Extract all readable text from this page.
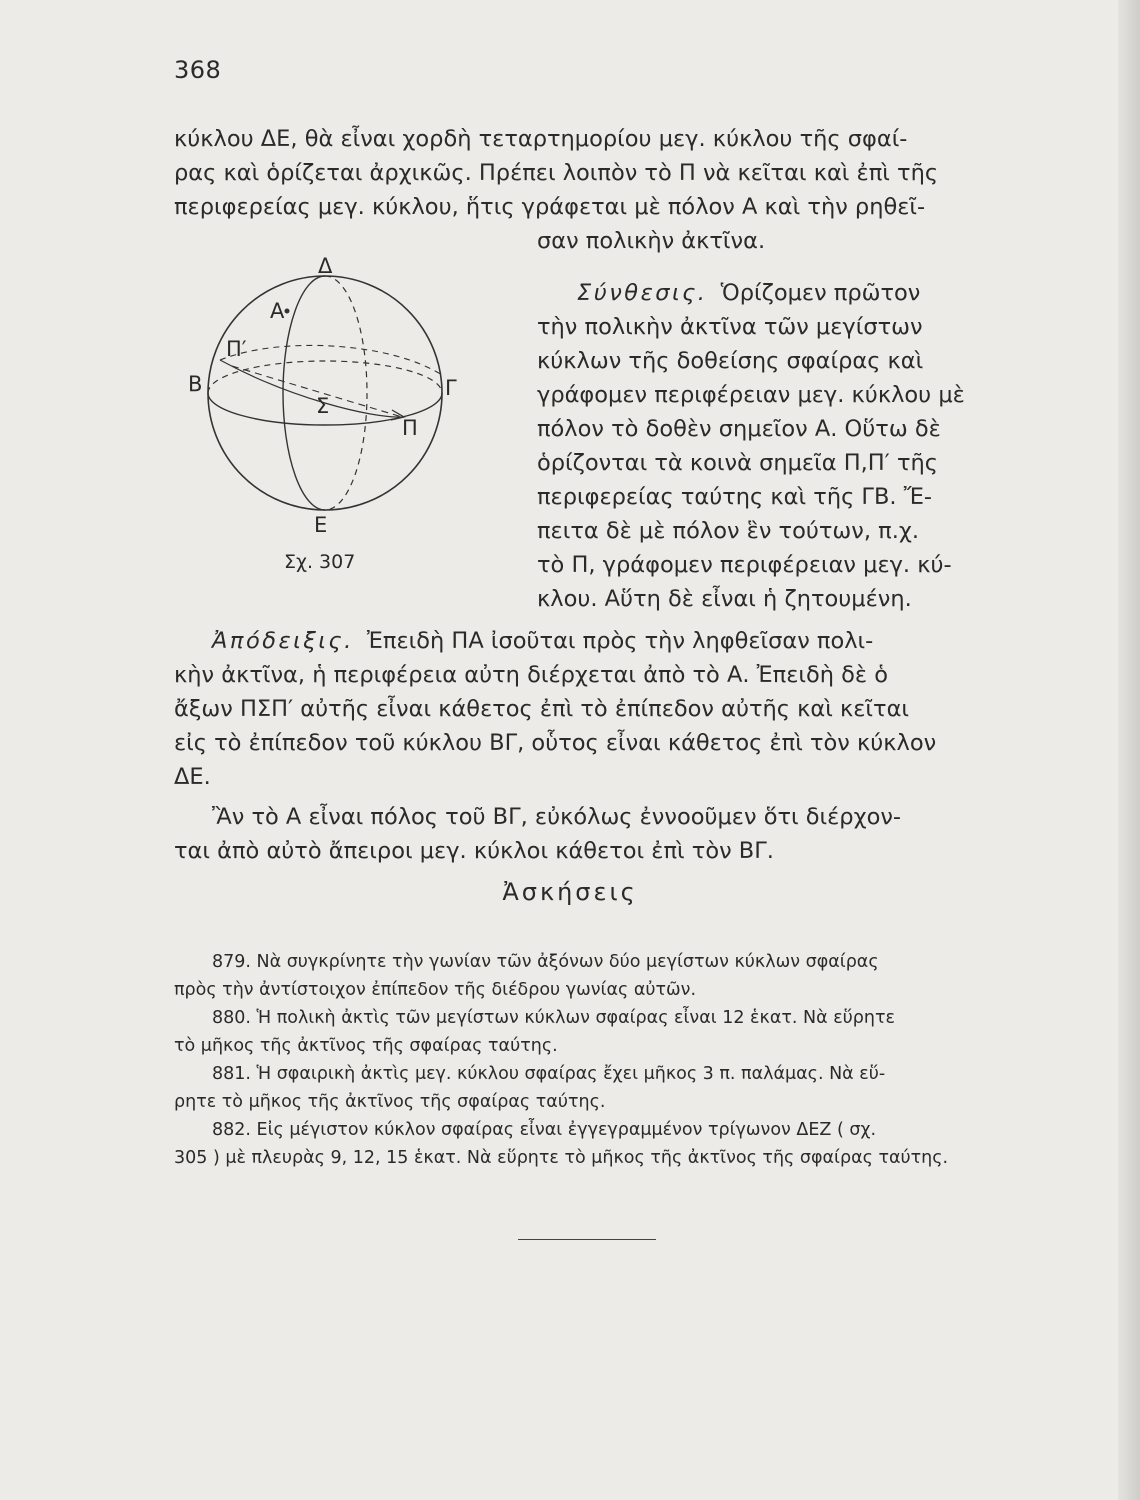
368
κύκλου ΔΕ, θὰ εἶναι χορδὴ τεταρτημορίου μεγ. κύκλου τῆς σφαί-
ρας καὶ ὁρίζεται ἀρχικῶς. Πρέπει λοιπὸν τὸ Π νὰ κεῖται καὶ ἐπὶ τῆς
περιφερείας μεγ. κύκλου, ἥτις γράφεται μὲ πόλον Α καὶ τὴν ρηθεῖ-
σαν πολικὴν ἀκτῖνα.
Δ
Α
Π′
Β	Γ
Σ
Π
Ε
Σχ. 307
Σύνθεσις. Ὁρίζομεν πρῶτον
τὴν πολικὴν ἀκτῖνα τῶν μεγίστων
κύκλων τῆς δοθείσης σφαίρας καὶ
γράφομεν περιφέρειαν μεγ. κύκλου μὲ
πόλον τὸ δοθὲν σημεῖον Α. Οὕτω δὲ
ὁρίζονται τὰ κοινὰ σημεῖα Π,Π′ τῆς
περιφερείας ταύτης καὶ τῆς ΓΒ. Ἔ-
πειτα δὲ μὲ πόλον ἓν τούτων, π.χ.
τὸ Π, γράφομεν περιφέρειαν μεγ. κύ-
κλου. Αὕτη δὲ εἶναι ἡ ζητουμένη.
Ἀπόδειξις. Ἐπειδὴ ΠΑ ἰσοῦται πρὸς τὴν ληφθεῖσαν πολι-
κὴν ἀκτῖνα, ἡ περιφέρεια αὐτη διέρχεται ἀπὸ τὸ Α. Ἐπειδὴ δὲ ὁ
ἄξων ΠΣΠ′ αὐτῆς εἶναι κάθετος ἐπὶ τὸ ἐπίπεδον αὐτῆς καὶ κεῖται
εἰς τὸ ἐπίπεδον τοῦ κύκλου ΒΓ, οὗτος εἶναι κάθετος ἐπὶ τὸν κύκλον
ΔΕ.
Ἂν τὸ Α εἶναι πόλος τοῦ ΒΓ, εὐκόλως ἐννοοῦμεν ὅτι διέρχον-
ται ἀπὸ αὐτὸ ἄπειροι μεγ. κύκλοι κάθετοι ἐπὶ τὸν ΒΓ.
Ἀσκήσεις
879. Νὰ συγκρίνητε τὴν γωνίαν τῶν ἀξόνων δύο μεγίστων κύκλων σφαίρας
πρὸς τὴν ἀντίστοιχον ἐπίπεδον τῆς διέδρου γωνίας αὐτῶν.
880. Ἡ πολικὴ ἀκτὶς τῶν μεγίστων κύκλων σφαίρας εἶναι 12 ἑκατ. Νὰ εὕρητε
τὸ μῆκος τῆς ἀκτῖνος τῆς σφαίρας ταύτης.
881. Ἡ σφαιρικὴ ἀκτὶς μεγ. κύκλου σφαίρας ἔχει μῆκος 3 π. παλάμας. Νὰ εὕ-
ρητε τὸ μῆκος τῆς ἀκτῖνος τῆς σφαίρας ταύτης.
882. Εἰς μέγιστον κύκλον σφαίρας εἶναι ἐγγεγραμμένον τρίγωνον ΔΕΖ ( σχ.
305 ) μὲ πλευρὰς 9, 12, 15 ἑκατ. Νὰ εὕρητε τὸ μῆκος τῆς ἀκτῖνος τῆς σφαίρας ταύτης.
